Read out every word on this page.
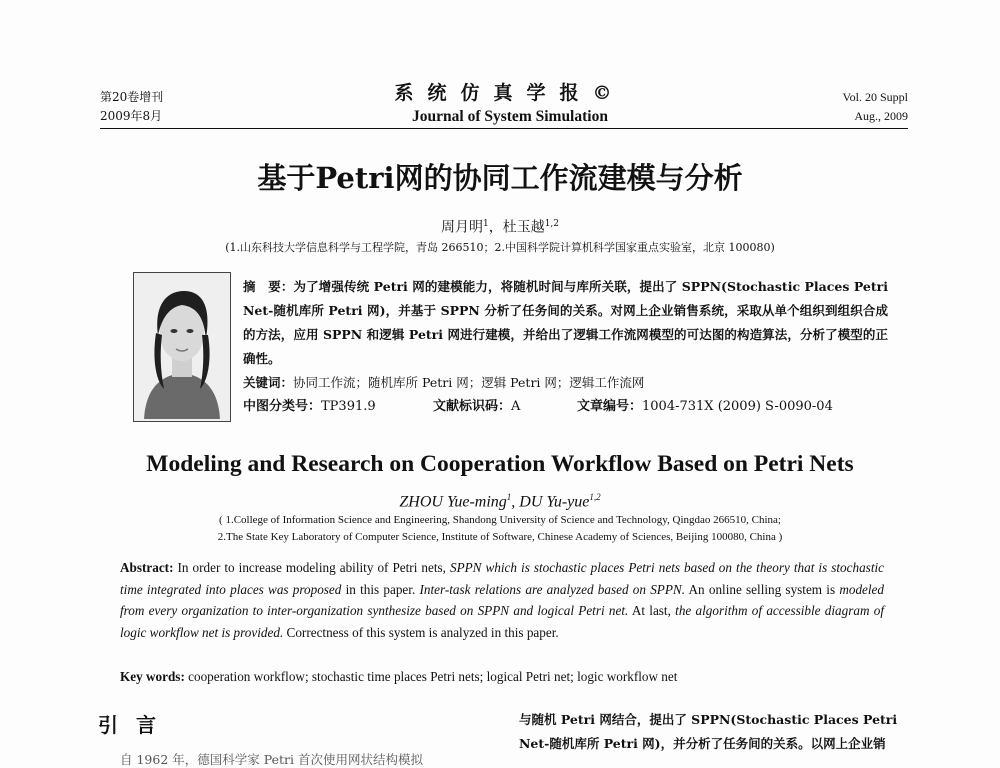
第20卷增刊
2009年8月
系统仿真学报©
Journal of System Simulation
Vol. 20 Suppl
Aug., 2009
基于Petri网的协同工作流建模与分析
周月明$^1$，杜玉越$^{1,2}$
(1.山东科技大学信息科学与工程学院，青岛 266510；2.中国科学院计算机科学国家重点实验室，北京 100080)
摘　要：为了增强传统 Petri 网的建模能力，将随机时间与库所关联，提出了 SPPN(Stochastic Places Petri Net-随机库所 Petri 网)，并基于 SPPN 分析了任务间的关系。对网上企业销售系统，采取从单个组织到组织合成的方法，应用 SPPN 和逻辑 Petri 网进行建模，并给出了逻辑工作流网模型的可达图的构造算法，分析了模型的正确性。
关键词：协同工作流；随机库所 Petri 网；逻辑 Petri 网；逻辑工作流网
中图分类号：TP391.9	文献标识码：A	文章编号：1004-731X (2009) S-0090-04
Modeling and Research on Cooperation Workflow Based on Petri Nets
ZHOU Yue-ming$^1$, DU Yu-yue$^{1,2}$
( 1.College of Information Science and Engineering, Shandong University of Science and Technology, Qingdao 266510, China;
2.The State Key Laboratory of Computer Science, Institute of Software, Chinese Academy of Sciences, Beijing 100080, China )
Abstract: In order to increase modeling ability of Petri nets, SPPN which is stochastic places Petri nets based on the theory that is stochastic time integrated into places was proposed in this paper. Inter-task relations are analyzed based on SPPN. An online selling system is modeled from every organization to inter-organization synthesize based on SPPN and logical Petri net. At last, the algorithm of accessible diagram of logic workflow net is provided. Correctness of this system is analyzed in this paper.
Key words: cooperation workflow; stochastic time places Petri nets; logical Petri net; logic workflow net
引言	与随机 Petri 网结合，提出了 SPPN(Stochastic Places Petri Net-随机库所 Petri 网)，并分析了任务间的关系。以网上企业销
自 1962 年，德国科学家 Petri 首次使用网状结构模拟
